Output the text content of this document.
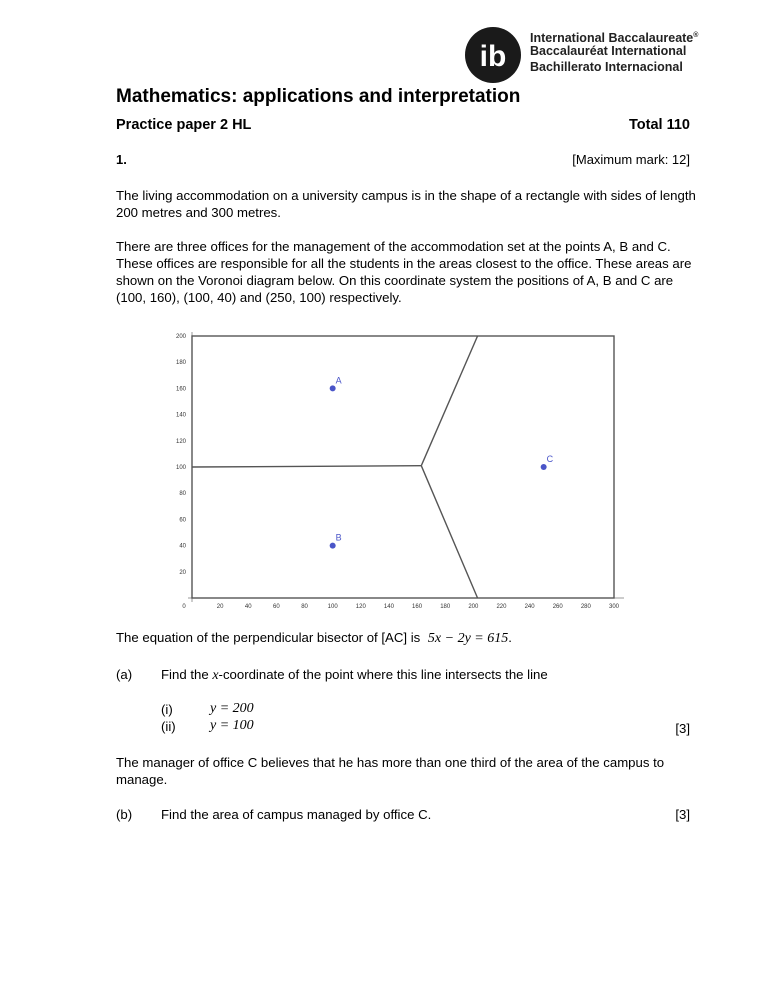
ib
International Baccalaureate®
Baccalauréat International
Bachillerato Internacional
Mathematics: applications and interpretation
Practice paper 2 HL	Total 110
1.	[Maximum mark: 12]
The living accommodation on a university campus is in the shape of a rectangle with sides of length 200 metres and 300 metres.
There are three offices for the management of the accommodation set at the points A, B and C. These offices are responsible for all the students in the areas closest to the office. These areas are shown on the Voronoi diagram below. On this coordinate system the positions of A, B and C are (100, 160), (100, 40) and (250, 100) respectively.
0	20	40	60	80	100	120	140	160	180	200	220	240	260	280	300
20
40
60
80
100
120
140
160
180
200
A
B
C
The equation of the perpendicular bisector of [AC] is 5x − 2y = 615.
(a) Find the x-coordinate of the point where this line intersects the line
(i)	y = 200
(ii) y = 100	[3]
The manager of office C believes that he has more than one third of the area of the campus to manage.
(b) Find the area of campus managed by office C.	[3]
